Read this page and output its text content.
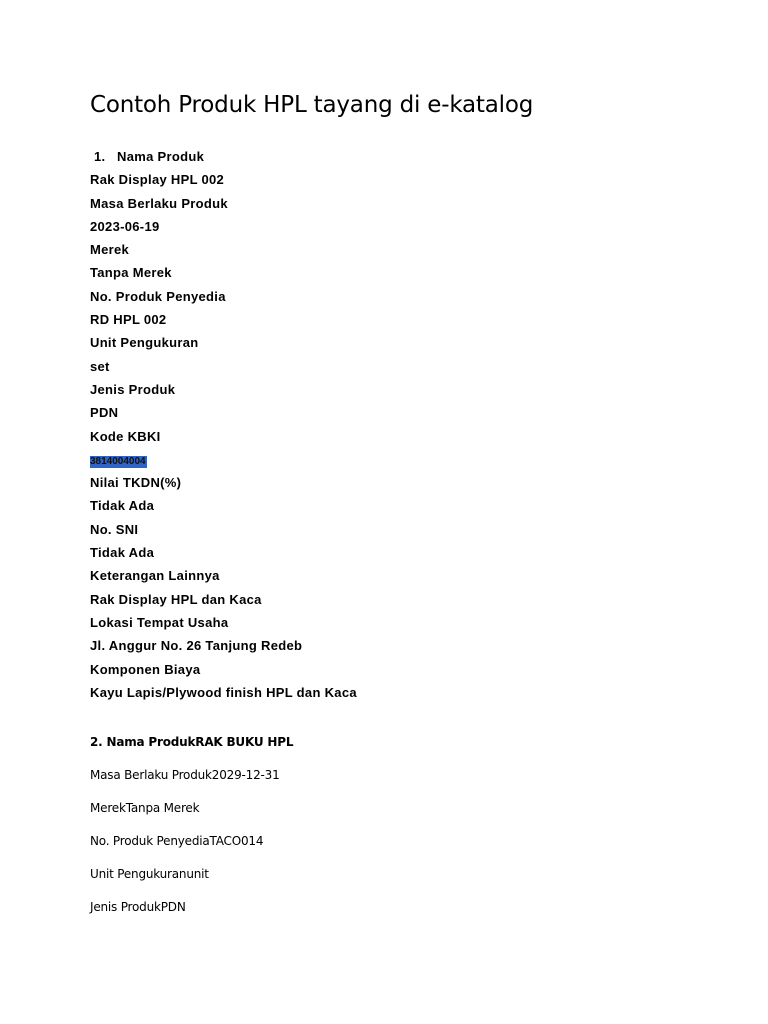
Contoh Produk HPL tayang di e-katalog
1. Nama Produk
Rak Display HPL 002
Masa Berlaku Produk
2023-06-19
Merek
Tanpa Merek
No. Produk Penyedia
RD HPL 002
Unit Pengukuran
set
Jenis Produk
PDN
Kode KBKI
3814004004
Nilai TKDN(%)
Tidak Ada
No. SNI
Tidak Ada
Keterangan Lainnya
Rak Display HPL dan Kaca
Lokasi Tempat Usaha
Jl. Anggur No. 26 Tanjung Redeb
Komponen Biaya
Kayu Lapis/Plywood finish HPL dan Kaca
2. Nama ProdukRAK BUKU HPL
Masa Berlaku Produk2029-12-31
MerekTanpa Merek
No. Produk PenyediaTACO014
Unit Pengukuranunit
Jenis ProdukPDN
